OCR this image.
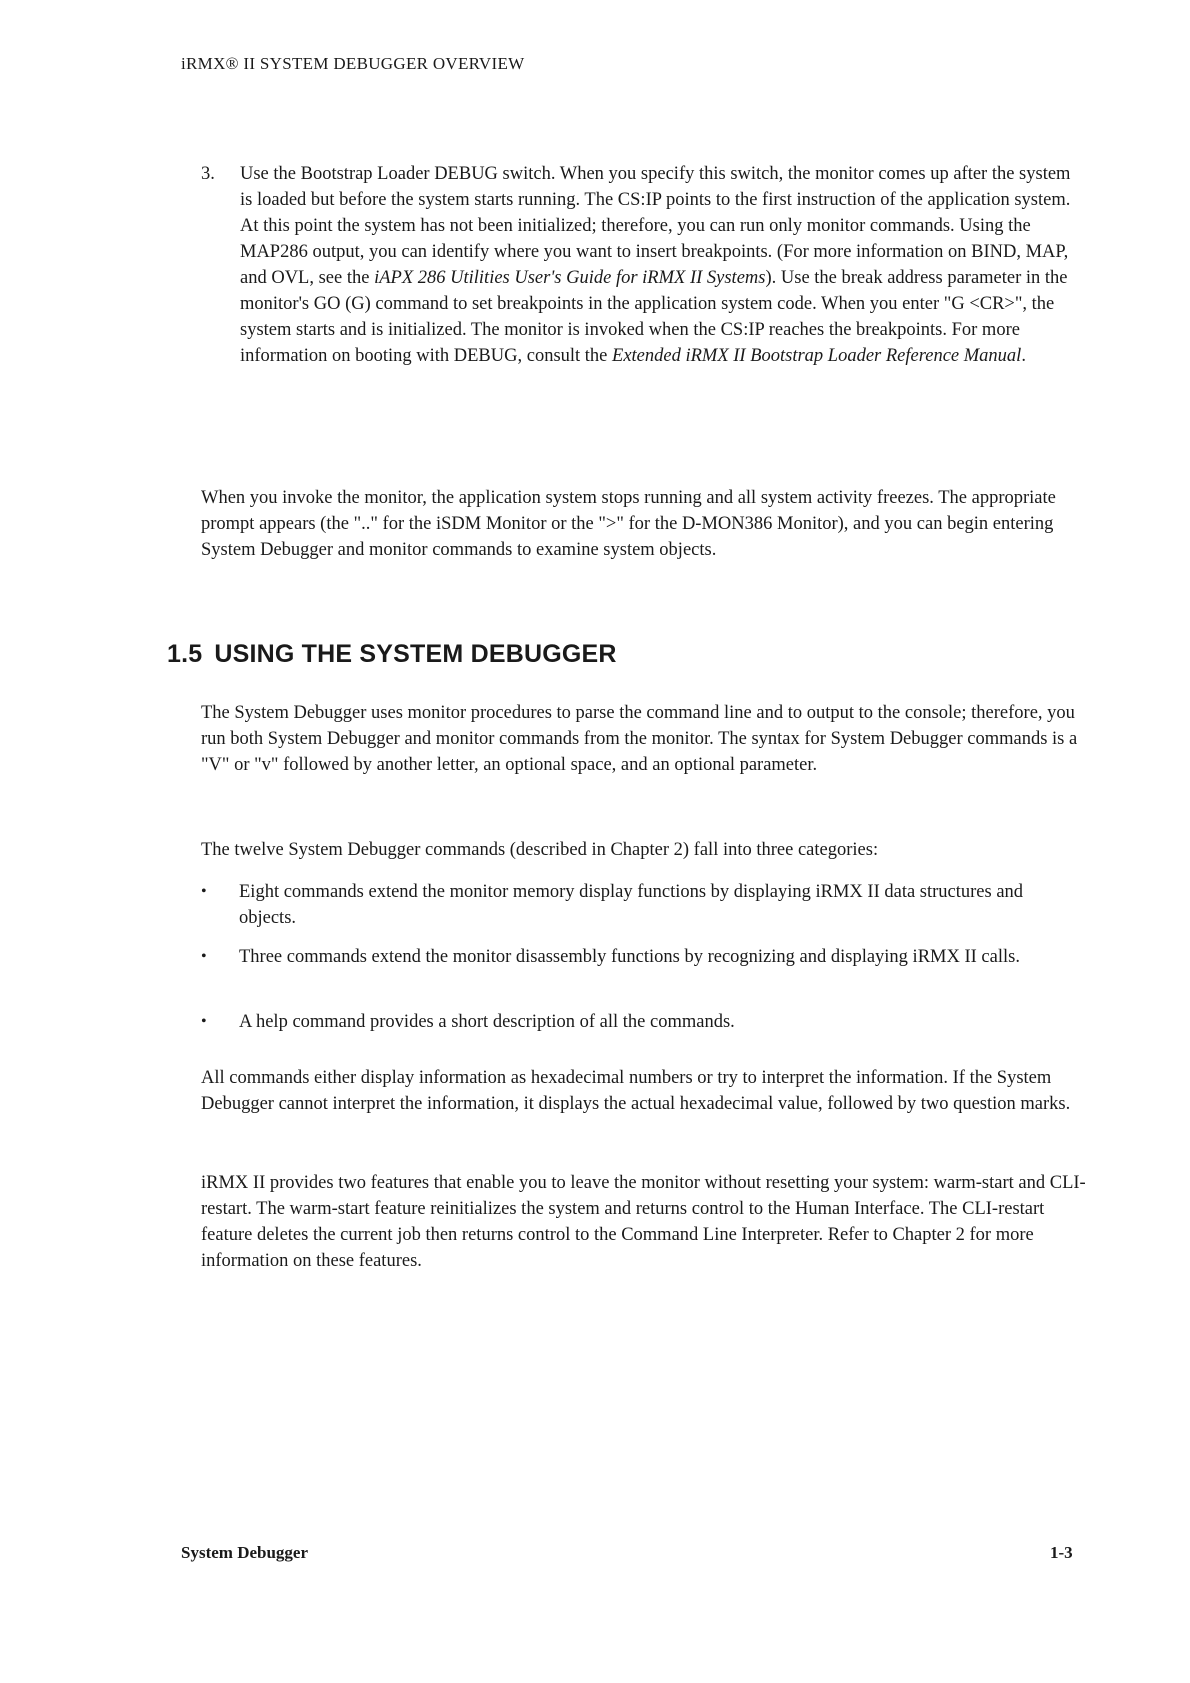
iRMX® II SYSTEM DEBUGGER OVERVIEW
3. Use the Bootstrap Loader DEBUG switch. When you specify this switch, the monitor comes up after the system is loaded but before the system starts running. The CS:IP points to the first instruction of the application system. At this point the system has not been initialized; therefore, you can run only monitor commands. Using the MAP286 output, you can identify where you want to insert breakpoints. (For more information on BIND, MAP, and OVL, see the iAPX 286 Utilities User's Guide for iRMX II Systems). Use the break address parameter in the monitor's GO (G) command to set breakpoints in the application system code. When you enter "G <CR>", the system starts and is initialized. The monitor is invoked when the CS:IP reaches the breakpoints. For more information on booting with DEBUG, consult the Extended iRMX II Bootstrap Loader Reference Manual.

When you invoke the monitor, the application system stops running and all system activity freezes. The appropriate prompt appears (the ".." for the iSDM Monitor or the ">" for the D-MON386 Monitor), and you can begin entering System Debugger and monitor commands to examine system objects.

1.5 USING THE SYSTEM DEBUGGER

The System Debugger uses monitor procedures to parse the command line and to output to the console; therefore, you run both System Debugger and monitor commands from the monitor. The syntax for System Debugger commands is a "V" or "v" followed by another letter, an optional space, and an optional parameter.

The twelve System Debugger commands (described in Chapter 2) fall into three categories:

• Eight commands extend the monitor memory display functions by displaying iRMX II data structures and objects.
• Three commands extend the monitor disassembly functions by recognizing and displaying iRMX II calls.
• A help command provides a short description of all the commands.

All commands either display information as hexadecimal numbers or try to interpret the information. If the System Debugger cannot interpret the information, it displays the actual hexadecimal value, followed by two question marks.

iRMX II provides two features that enable you to leave the monitor without resetting your system: warm-start and CLI-restart. The warm-start feature reinitializes the system and returns control to the Human Interface. The CLI-restart feature deletes the current job then returns control to the Command Line Interpreter. Refer to Chapter 2 for more information on these features.

System Debugger	1-3
